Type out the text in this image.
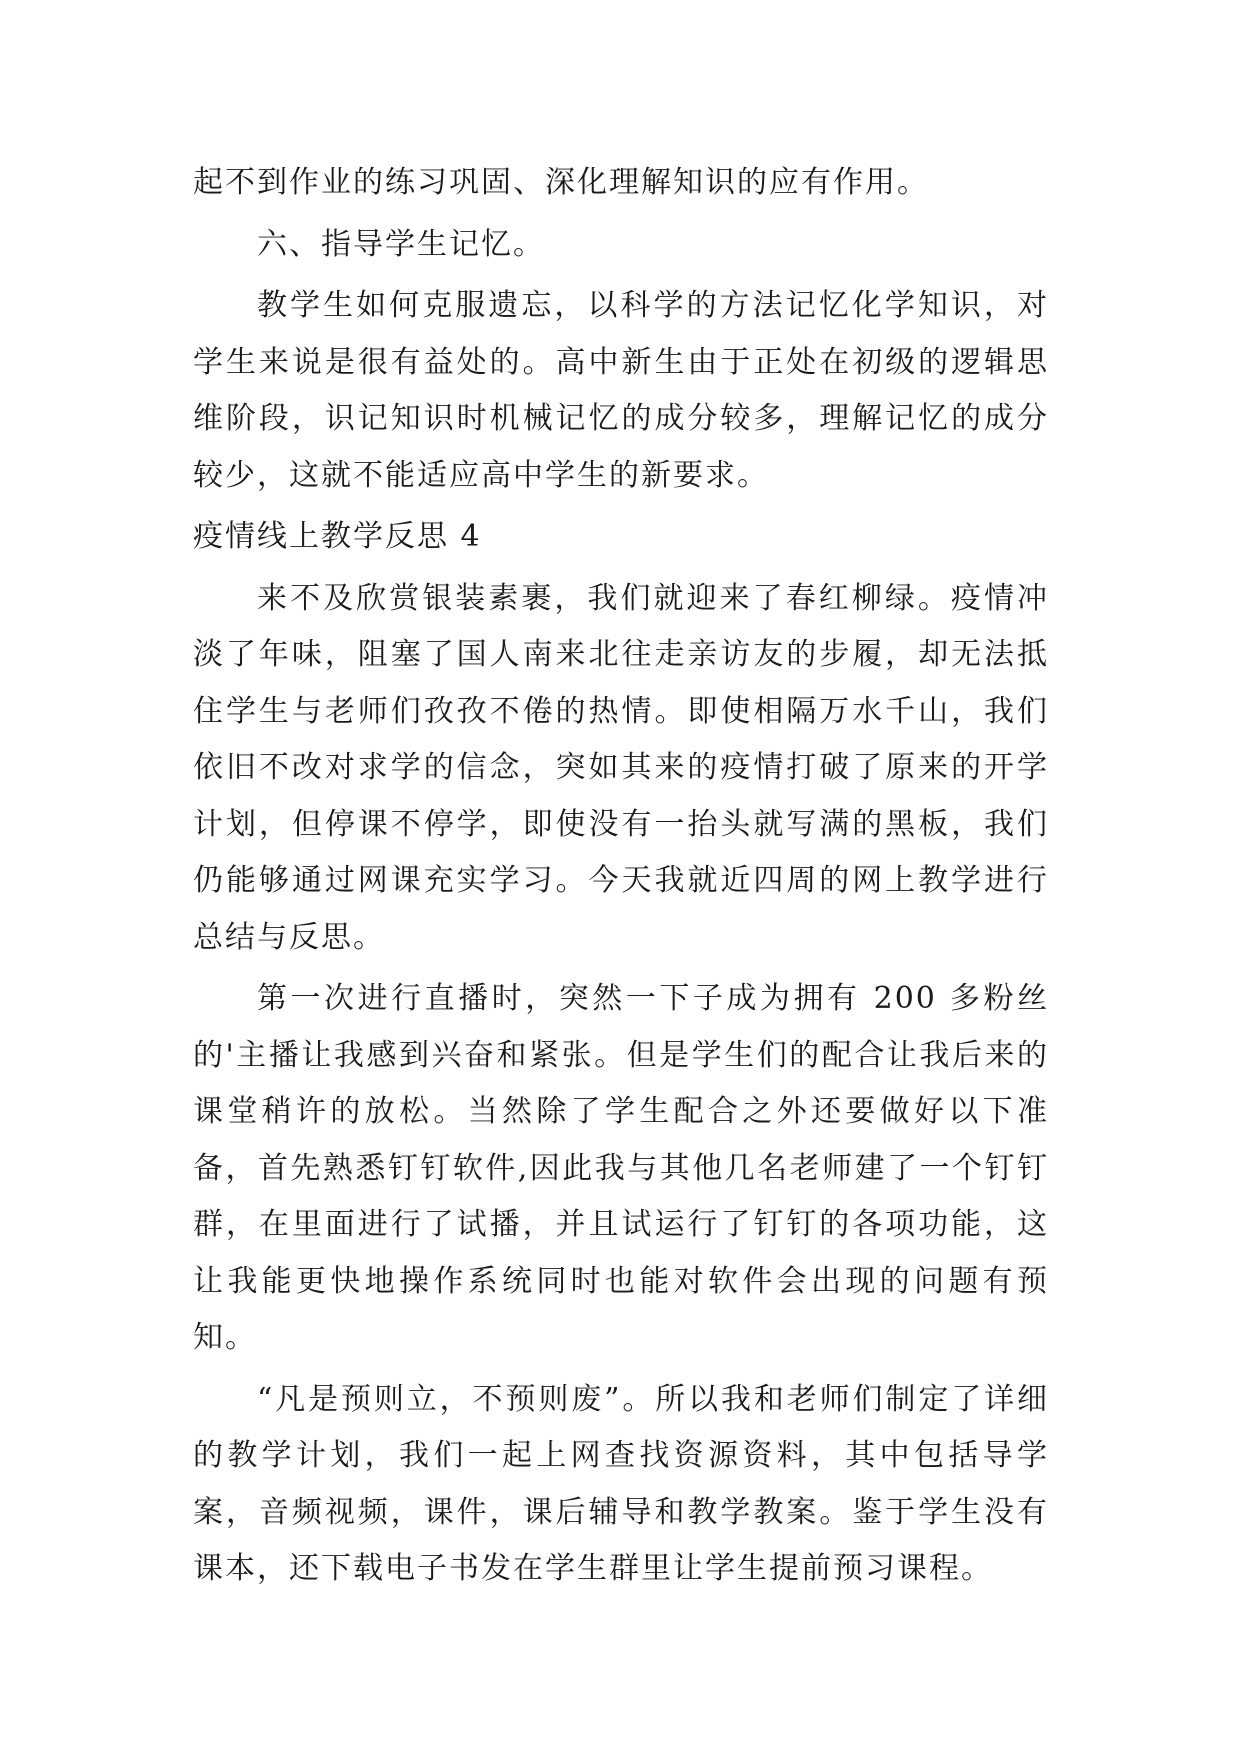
起不到作业的练习巩固、深化理解知识的应有作用。

六、指导学生记忆。

教学生如何克服遗忘，以科学的方法记忆化学知识，对学生来说是很有益处的。高中新生由于正处在初级的逻辑思维阶段，识记知识时机械记忆的成分较多，理解记忆的成分较少，这就不能适应高中学生的新要求。

疫情线上教学反思 4

来不及欣赏银装素裹，我们就迎来了春红柳绿。疫情冲淡了年味，阻塞了国人南来北往走亲访友的步履，却无法抵住学生与老师们孜孜不倦的热情。即使相隔万水千山，我们依旧不改对求学的信念，突如其来的疫情打破了原来的开学计划，但停课不停学，即使没有一抬头就写满的黑板，我们仍能够通过网课充实学习。今天我就近四周的网上教学进行总结与反思。

第一次进行直播时，突然一下子成为拥有 200 多粉丝的'主播让我感到兴奋和紧张。但是学生们的配合让我后来的课堂稍许的放松。当然除了学生配合之外还要做好以下准备，首先熟悉钉钉软件,因此我与其他几名老师建了一个钉钉群，在里面进行了试播，并且试运行了钉钉的各项功能，这让我能更快地操作系统同时也能对软件会出现的问题有预知。

“凡是预则立，不预则废”。所以我和老师们制定了详细的教学计划，我们一起上网查找资源资料，其中包括导学案，音频视频，课件，课后辅导和教学教案。鉴于学生没有课本，还下载电子书发在学生群里让学生提前预习课程。
